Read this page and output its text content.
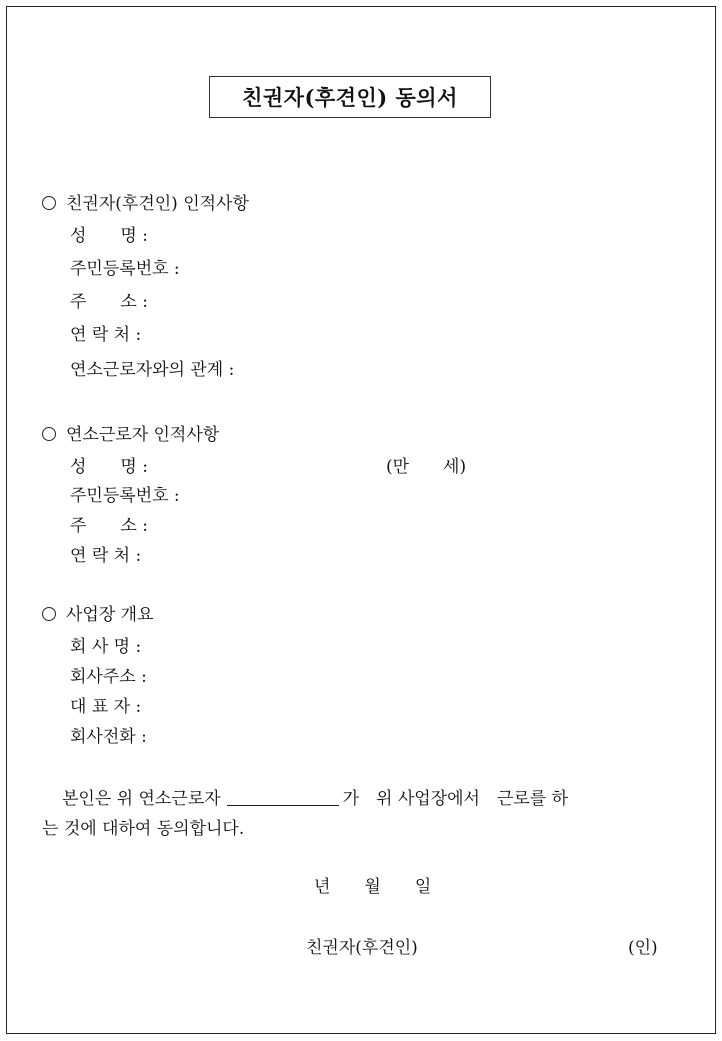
친권자(후견인) 동의서
친권자(후견인) 인적사항
성　　명 :
주민등록번호 :
주　　소 :
연 락 처 :
연소근로자와의 관계 :
연소근로자 인적사항
성　　명 :	(만　　세)
주민등록번호 :
주　　소 :
연 락 처 :
사업장 개요
회 사 명 :
회사주소 :
대 표 자 :
회사전화 :
본인은 위 연소근로자	가　위 사업장에서　근로를 하
는 것에 대하여 동의합니다.
년　　월　　일
친권자(후견인)	(인)
